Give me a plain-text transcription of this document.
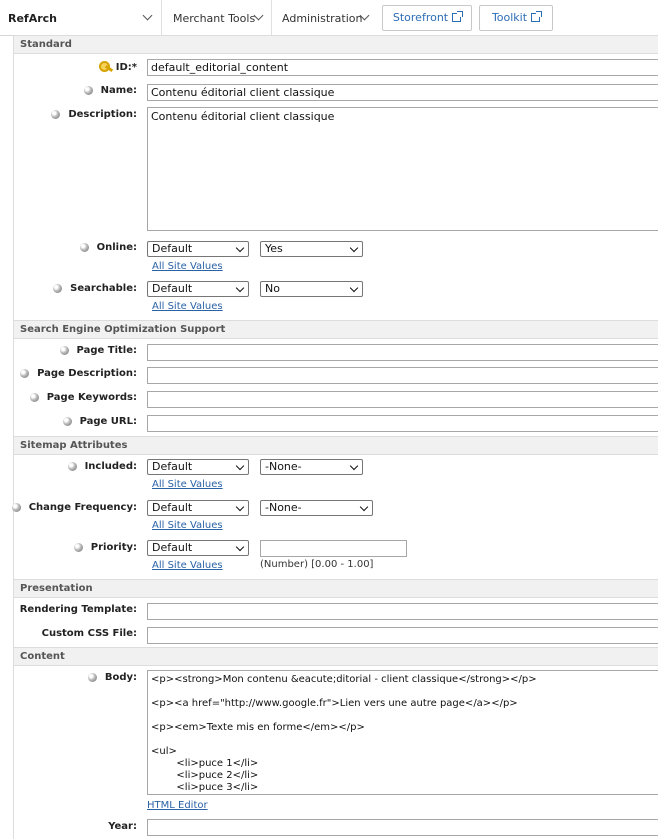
RefArch	Merchant Tools Administration	Storefront	Toolkit
Standard
ID: *	default_editorial_content
Name:	Contenu éditorial client classique
Description:	Contenu éditorial client classique
Online:	Default	Yes
All Site Values
Searchable:	Default	No
All Site Values
Search Engine Optimization Support
Page Title:
Page Description:
Page Keywords:
Page URL:
Sitemap Attributes
Included:	Default	-None-
All Site Values
Change Frequency:	Default	-None-
All Site Values
Priority:	Default
All Site Values	(Number) [0.00 - 1.00]
Presentation
Rendering Template:
Custom CSS File:
Content
Body: <p><strong>Mon contenu &eacute;ditorial - client classique</strong></p>
<p><a href="http://www.google.fr">Lien vers une autre page</a></p>
<p><em>Texte mis en forme</em></p>
<ul>
<li>puce 1</li>
<li>puce 2</li>
<li>puce 3</li>
HTML Editor
Year:
